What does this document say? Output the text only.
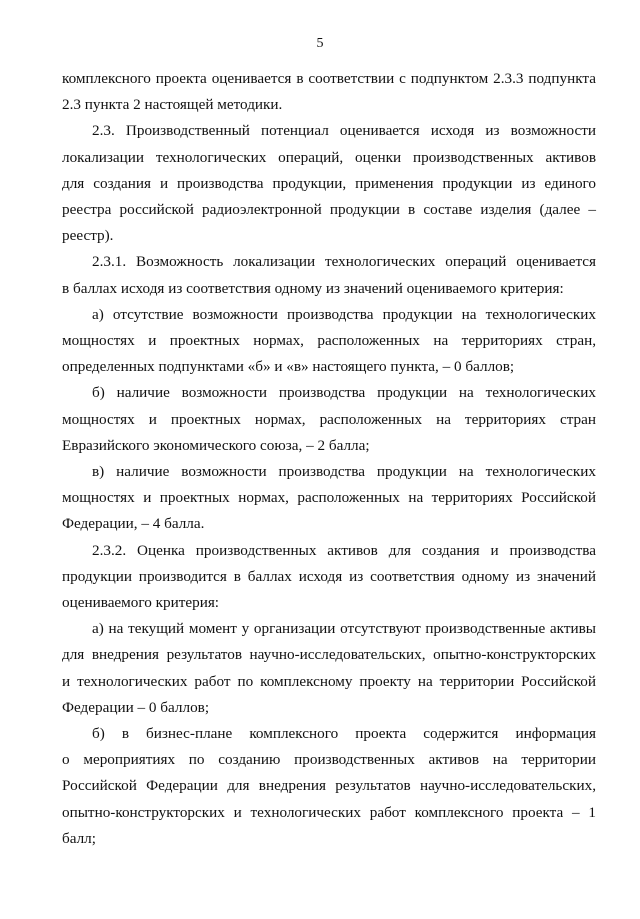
5
комплексного проекта оценивается в соответствии с подпунктом 2.3.3 подпункта
2.3 пункта 2 настоящей методики.
2.3. Производственный потенциал оценивается исходя из возможности
локализации технологических операций, оценки производственных активов
для создания и производства продукции, применения продукции из единого
реестра российской радиоэлектронной продукции в составе изделия (далее –
реестр).
2.3.1. Возможность локализации технологических операций оценивается
в баллах исходя из соответствия одному из значений оцениваемого критерия:
а) отсутствие возможности производства продукции на технологических
мощностях и проектных нормах, расположенных на территориях стран,
определенных подпунктами «б» и «в» настоящего пункта, – 0 баллов;
б) наличие возможности производства продукции на технологических
мощностях и проектных нормах, расположенных на территориях стран
Евразийского экономического союза, – 2 балла;
в) наличие возможности производства продукции на технологических
мощностях и проектных нормах, расположенных на территориях Российской
Федерации, – 4 балла.
2.3.2. Оценка производственных активов для создания и производства
продукции производится в баллах исходя из соответствия одному из значений
оцениваемого критерия:
а) на текущий момент у организации отсутствуют производственные активы
для внедрения результатов научно-исследовательских, опытно-конструкторских
и технологических работ по комплексному проекту на территории Российской
Федерации – 0 баллов;
б) в бизнес-плане комплексного проекта содержится информация
о мероприятиях по созданию производственных активов на территории
Российской Федерации для внедрения результатов научно-исследовательских,
опытно-конструкторских и технологических работ комплексного проекта – 1
балл;
